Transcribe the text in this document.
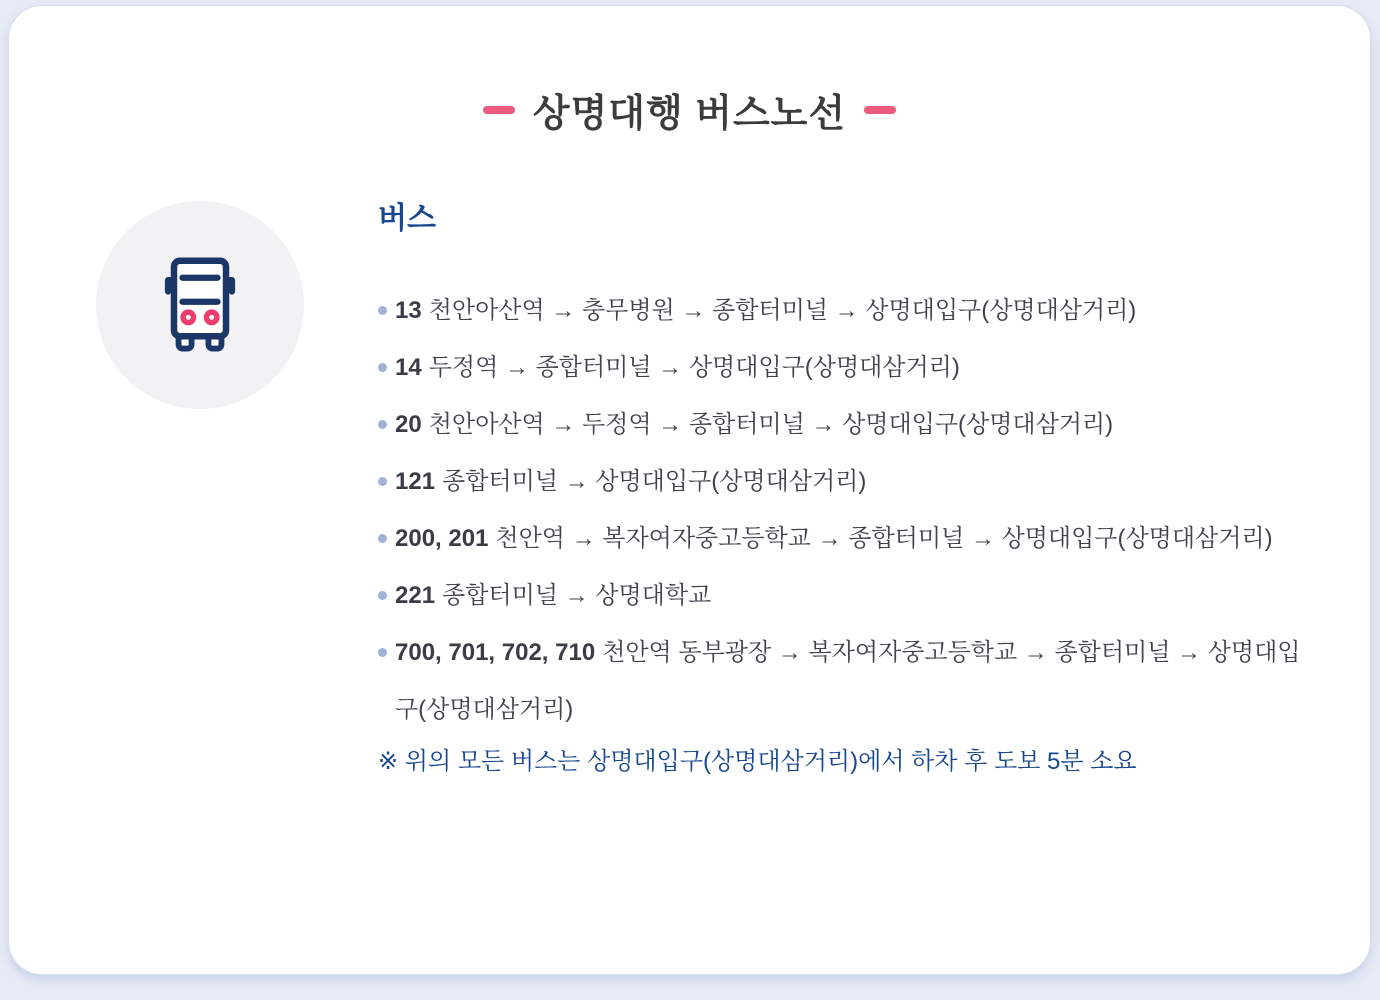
상명대행 버스노선
버스
13 천안아산역 → 충무병원 → 종합터미널 → 상명대입구(상명대삼거리)
14 두정역 → 종합터미널 → 상명대입구(상명대삼거리)
20 천안아산역 → 두정역 → 종합터미널 → 상명대입구(상명대삼거리)
121 종합터미널 → 상명대입구(상명대삼거리)
200, 201 천안역 → 복자여자중고등학교 → 종합터미널 → 상명대입구(상명대삼거리)
221 종합터미널 → 상명대학교
700, 701, 702, 710 천안역 동부광장 → 복자여자중고등학교 → 종합터미널 → 상명대입구(상명대삼거리)

※ 위의 모든 버스는 상명대입구(상명대삼거리)에서 하차 후 도보 5분 소요
